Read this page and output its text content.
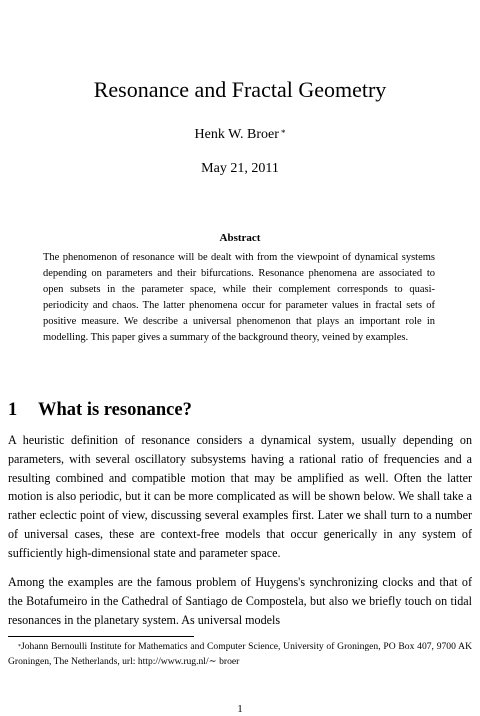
Resonance and Fractal Geometry
Henk W. Broer *
May 21, 2011
Abstract
The phenomenon of resonance will be dealt with from the viewpoint of dynamical systems depending on parameters and their bifurcations. Resonance phenomena are associated to open subsets in the parameter space, while their complement corresponds to quasi-periodicity and chaos. The latter phenomena occur for parameter values in fractal sets of positive measure. We describe a universal phenomenon that plays an important role in modelling. This paper gives a summary of the background theory, veined by examples.
1 What is resonance?
A heuristic definition of resonance considers a dynamical system, usually depending on parameters, with several oscillatory subsystems having a rational ratio of frequencies and a resulting combined and compatible motion that may be amplified as well. Often the latter motion is also periodic, but it can be more complicated as will be shown below. We shall take a rather eclectic point of view, discussing several examples first. Later we shall turn to a number of universal cases, these are context-free models that occur generically in any system of sufficiently high-dimensional state and parameter space.
Among the examples are the famous problem of Huygens's synchronizing clocks and that of the Botafumeiro in the Cathedral of Santiago de Compostela, but also we briefly touch on tidal resonances in the planetary system. As universal models
*Johann Bernoulli Institute for Mathematics and Computer Science, University of Groningen, PO Box 407, 9700 AK Groningen, The Netherlands, url: http://www.rug.nl/∼ broer
1
